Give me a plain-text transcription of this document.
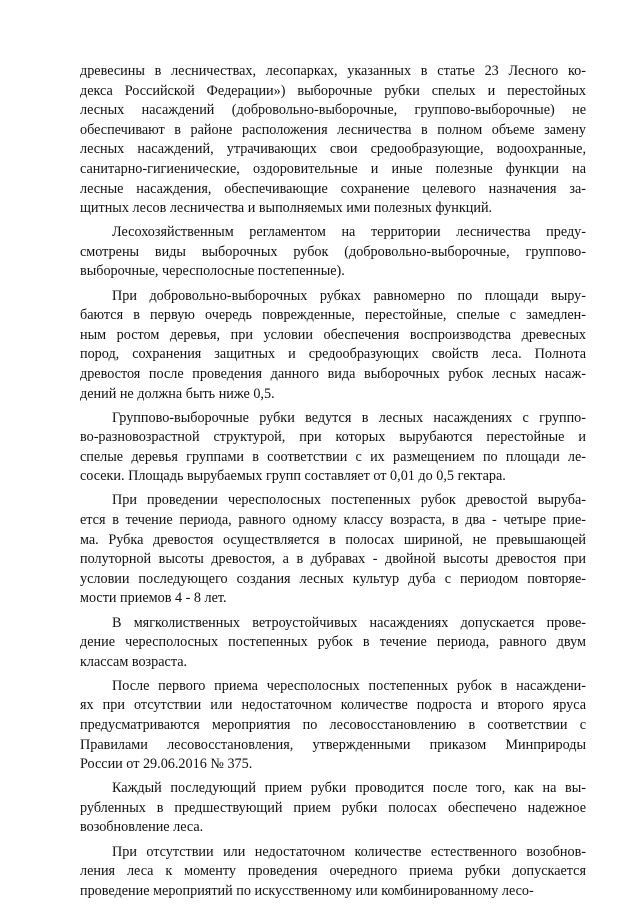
древесины в лесничествах, лесопарках, указанных в статье 23 Лесного ко-
декса Российской Федерации») выборочные рубки спелых и перестойных
лесных насаждений (добровольно-выборочные, группово-выборочные) не
обеспечивают в районе расположения лесничества в полном объеме замену
лесных насаждений, утрачивающих свои средообразующие, водоохранные,
санитарно-гигиенические, оздоровительные и иные полезные функции на
лесные насаждения, обеспечивающие сохранение целевого назначения за-
щитных лесов лесничества и выполняемых ими полезных функций.
Лесохозяйственным регламентом на территории лесничества преду-
смотрены виды выборочных рубок (добровольно-выборочные, группово-
выборочные, чересполосные постепенные).
При добровольно-выборочных рубках равномерно по площади выру-
баются в первую очередь поврежденные, перестойные, спелые с замедлен-
ным ростом деревья, при условии обеспечения воспроизводства древесных
пород, сохранения защитных и средообразующих свойств леса. Полнота
древостоя после проведения данного вида выборочных рубок лесных насаж-
дений не должна быть ниже 0,5.
Группово-выборочные рубки ведутся в лесных насаждениях с группо-
во-разновозрастной структурой, при которых вырубаются перестойные и
спелые деревья группами в соответствии с их размещением по площади ле-
сосеки. Площадь вырубаемых групп составляет от 0,01 до 0,5 гектара.
При проведении чересполосных постепенных рубок древостой выруба-
ется в течение периода, равного одному классу возраста, в два - четыре прие-
ма. Рубка древостоя осуществляется в полосах шириной, не превышающей
полуторной высоты древостоя, а в дубравах - двойной высоты древостоя при
условии последующего создания лесных культур дуба с периодом повторяе-
мости приемов 4 - 8 лет.
В мягколиственных ветроустойчивых насаждениях допускается прове-
дение чересполосных постепенных рубок в течение периода, равного двум
классам возраста.
После первого приема чересполосных постепенных рубок в насаждени-
ях при отсутствии или недостаточном количестве подроста и второго яруса
предусматриваются мероприятия по лесовосстановлению в соответствии с
Правилами лесовосстановления, утвержденными приказом Минприроды
России от 29.06.2016 № 375.
Каждый последующий прием рубки проводится после того, как на вы-
рубленных в предшествующий прием рубки полосах обеспечено надежное
возобновление леса.
При отсутствии или недостаточном количестве естественного возобнов-
ления леса к моменту проведения очередного приема рубки допускается
проведение мероприятий по искусственному или комбинированному лесо-
